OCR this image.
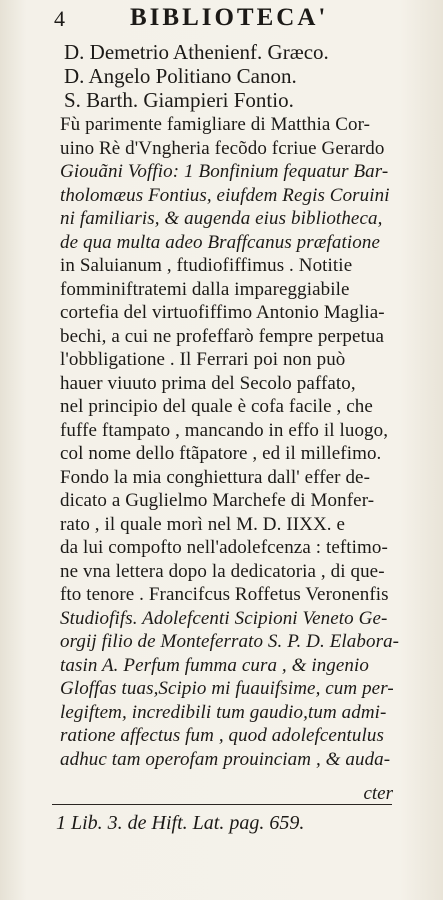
4	BIBLIOTECA'
D. Demetrio Athenienf. Græco.
D. Angelo Politiano Canon.
S. Barth. Giampieri Fontio.
Fù parimente famigliare di Matthia Cor-
uino Rè d'Vngheria fecõdo fcriue Gerardo
Giouãni Voffio: 1 Bonfinium fequatur Bar-
tholomæus Fontius, eiufdem Regis Coruini
ni familiaris, & augenda eius bibliotheca,
de qua multa adeo Braffcanus præfatione
in Saluianum , ftudiofiffimus . Notitie
fomminiftratemi dalla impareggiabile
cortefia del virtuofiffimo Antonio Maglia-
bechi, a cui ne profeffarò fempre perpetua
l'obbligatione . Il Ferrari poi non può
hauer viuuto prima del Secolo paffato,
nel principio del quale è cofa facile , che
fuffe ftampato , mancando in effo il luogo,
col nome dello ftãpatore , ed il millefimo.
Fondo la mia conghiettura dall' effer de-
dicato a Guglielmo Marchefe di Monfer-
rato , il quale morì nel M. D. IIXX. e
da lui compofto nell'adolefcenza : teftimo-
ne vna lettera dopo la dedicatoria , di que-
fto tenore . Francifcus Roffetus Veronenfis
Studiofifs. Adolefcenti Scipioni Veneto Ge-
orgij filio de Monteferrato S. P. D. Elabora-
tasin A. Perfum fumma cura , & ingenio
Gloffas tuas,Scipio mi fuauifsime, cum per-
legiftem, incredibili tum gaudio,tum admi-
ratione affectus fum , quod adolefcentulus
adhuc tam operofam prouinciam , & auda-
cter
1 Lib. 3. de Hift. Lat. pag. 659.
